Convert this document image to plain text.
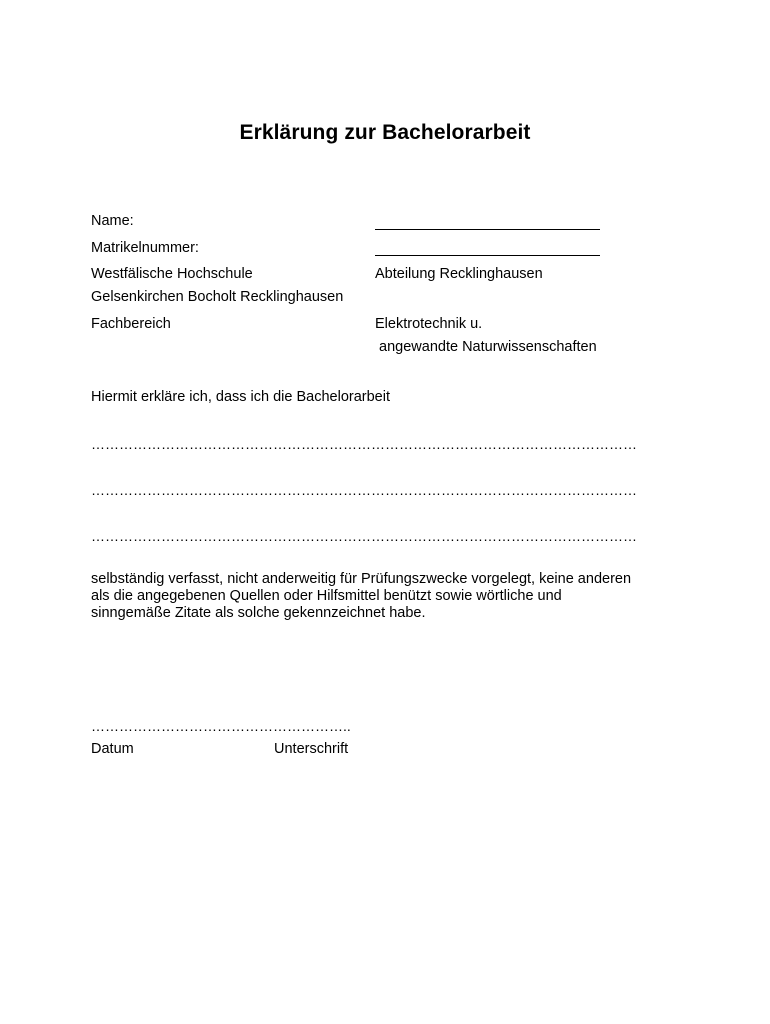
Erklärung zur Bachelorarbeit
Name:
Matrikelnummer:
Westfälische Hochschule	Abteilung Recklinghausen
Gelsenkirchen Bocholt Recklinghausen
Fachbereich	Elektrotechnik u.
angewandte Naturwissenschaften
Hiermit erkläre ich, dass ich die Bachelorarbeit
………………………………………………………………………………………………………
………………………………………………………………………………………………………
………………………………………………………………………………………………………
selbständig verfasst, nicht anderweitig für Prüfungszwecke vorgelegt, keine anderen
als die angegebenen Quellen oder Hilfsmittel benützt sowie wörtliche und
sinngemäße Zitate als solche gekennzeichnet habe.
………………………………………………..
Datum	Unterschrift
